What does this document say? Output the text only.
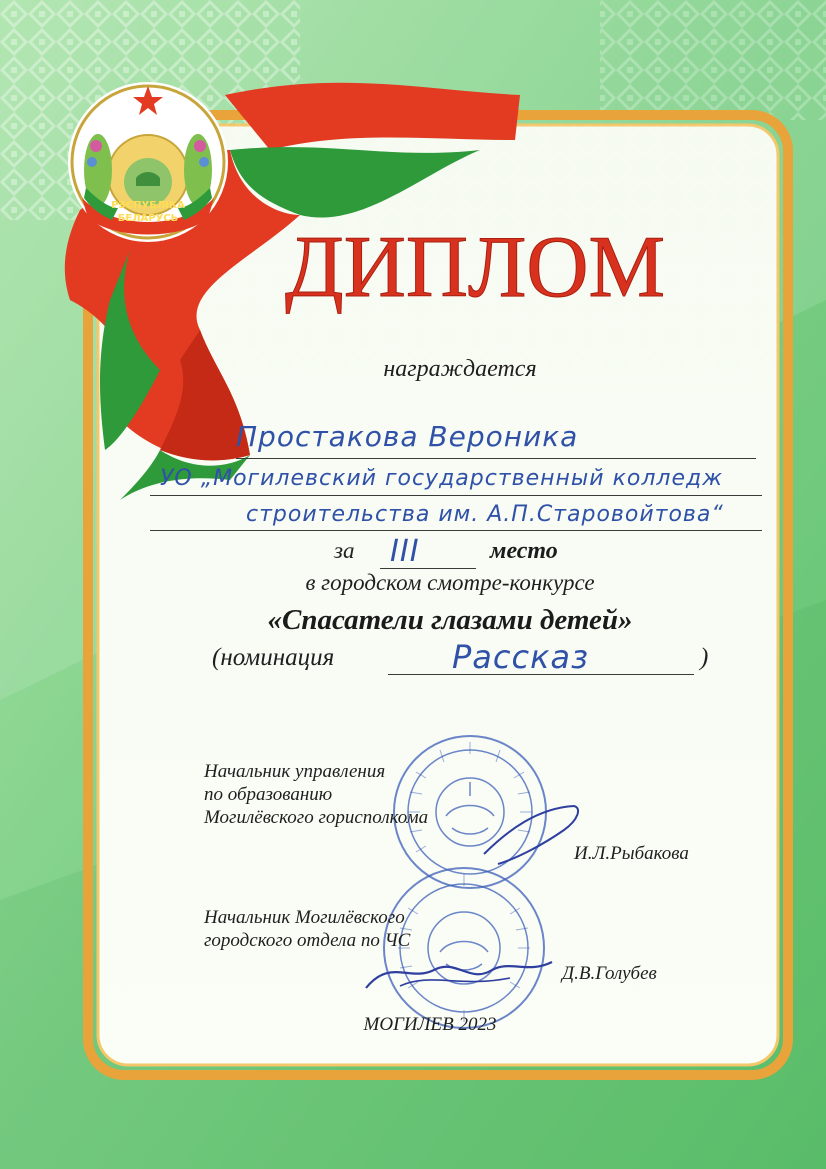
РЭСПУБЛІКА
БЕЛАРУСЬ
ДИПЛОМ
награждается
Простакова Вероника
УО „Могилевский государственный колледж
строительства им. А.П.Старовойтова“
за III	место
в городском смотре-конкурсе
«Спасатели глазами детей»
(номинация	Рассказ	)
Начальник управления
по образованию
Могилёвского горисполкома
И.Л.Рыбакова
Начальник Могилёвского
городского отдела по ЧС
Д.В.Голубев
МОГИЛЕВ 2023
